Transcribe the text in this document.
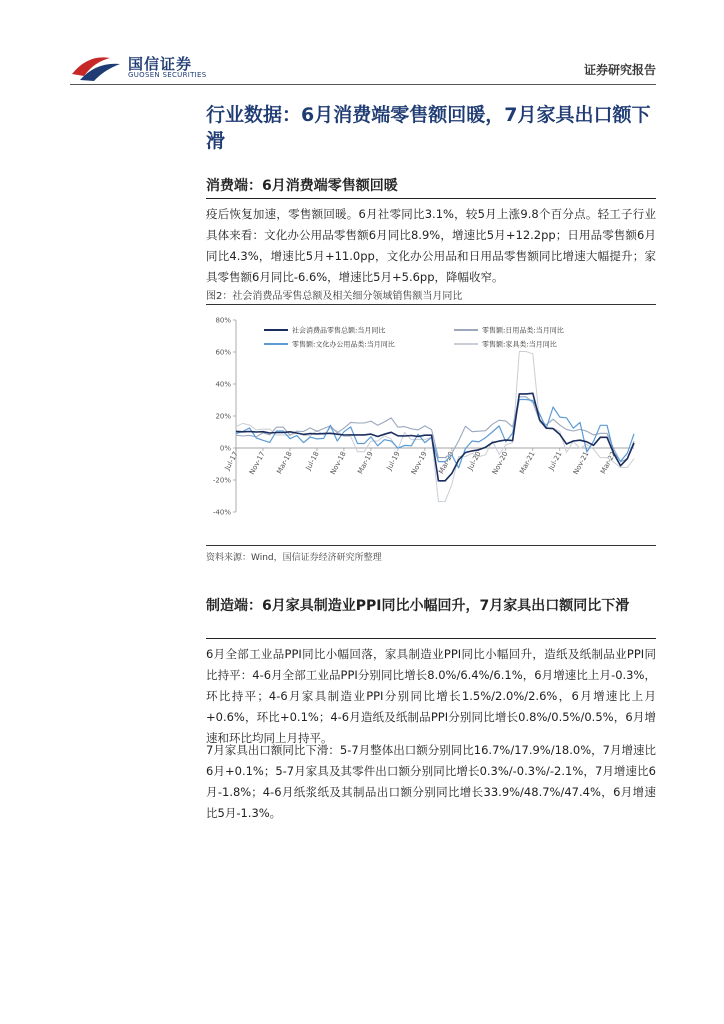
国信证券
GUOSEN SECURITIES	证券研究报告
行业数据：6月消费端零售额回暖，7月家具出口额下滑
消费端：6月消费端零售额回暖
疫后恢复加速，零售额回暖。6月社零同比3.1%，较5月上涨9.8个百分点。轻工子行业具体来看：文化办公用品零售额6月同比8.9%，增速比5月+12.2pp；日用品零售额6月同比4.3%，增速比5月+11.0pp，文化办公用品和日用品零售额同比增速大幅提升；家具零售额6月同比-6.6%，增速比5月+5.6pp，降幅收窄。
图2：社会消费品零售总额及相关细分领域销售额当月同比
80%
60%
40%
20%
0%
-20%
-40%
Jul-17 Nov-17 Mar-18 Jul-18 Nov-18 Mar-19 Jul-19 Nov-19 Mar-20 Jul-20 Nov-20 Mar-21 Jul-21 Nov-21 Mar-22
社会消费品零售总额:当月同比	零售额:日用品类:当月同比
零售额:文化办公用品类:当月同比	零售额:家具类:当月同比
资料来源：Wind，国信证券经济研究所整理
制造端：6月家具制造业PPI同比小幅回升，7月家具出口额同比下滑
6月全部工业品PPI同比小幅回落，家具制造业PPI同比小幅回升，造纸及纸制品业PPI同比持平：4-6月全部工业品PPI分别同比增长8.0%/6.4%/6.1%，6月增速比上月-0.3%，环比持平；4-6月家具制造业PPI分别同比增长1.5%/2.0%/2.6%，6月增速比上月+0.6%，环比+0.1%；4-6月造纸及纸制品PPI分别同比增长0.8%/0.5%/0.5%，6月增速和环比均同上月持平。
7月家具出口额同比下滑：5-7月整体出口额分别同比16.7%/17.9%/18.0%，7月增速比6月+0.1%；5-7月家具及其零件出口额分别同比增长0.3%/-0.3%/-2.1%，7月增速比6月-1.8%；4-6月纸浆纸及其制品出口额分别同比增长33.9%/48.7%/47.4%，6月增速比5月-1.3%。
